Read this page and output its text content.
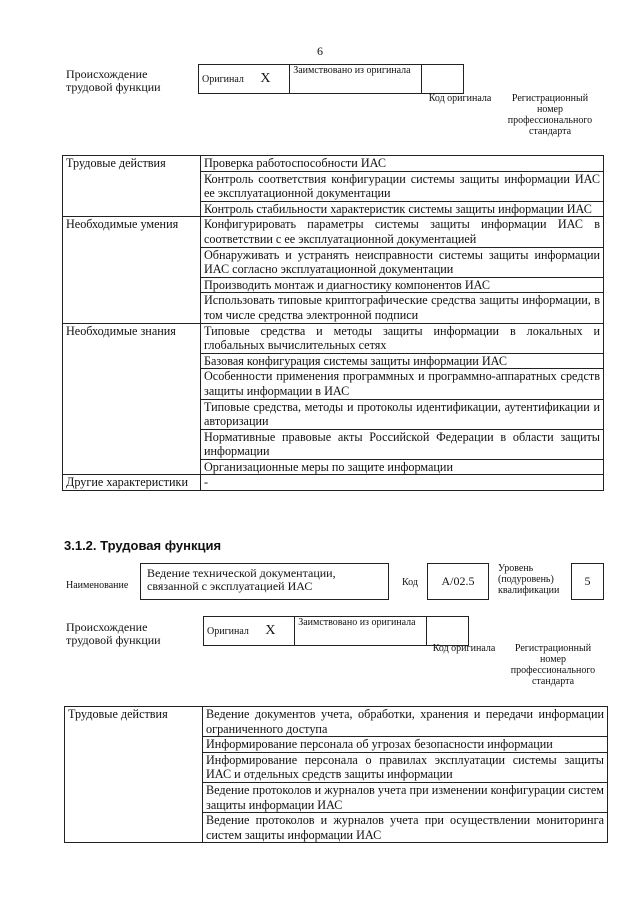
6
Происхождение трудовой функции
Оригинал X	
Заимствовано из оригинала

Код оригинала	Регистрационный номер профессионального стандарта
Трудовые действия	Проверка работоспособности ИАС
	Контроль соответствия конфигурации системы защиты информации ИАС ее эксплуатационной документации
	Контроль стабильности характеристик системы защиты информации ИАС
Необходимые умения	Конфигурировать параметры системы защиты информации ИАС в соответствии с ее эксплуатационной документацией
	Обнаруживать и устранять неисправности системы защиты информации ИАС согласно эксплуатационной документации
	Производить монтаж и диагностику компонентов ИАС
	Использовать типовые криптографические средства защиты информации, в том числе средства электронной подписи
Необходимые знания	Типовые средства и методы защиты информации в локальных и глобальных вычислительных сетях
	Базовая конфигурация системы защиты информации ИАС
	Особенности применения программных и программно-аппаратных средств защиты информации в ИАС
	Типовые средства, методы и протоколы идентификации, аутентификации и авторизации
	Нормативные правовые акты Российской Федерации в области защиты информации
	Организационные меры по защите информации
Другие характеристики	-
3.1.2. Трудовая функция
Наименование
Ведение технической документации, связанной с эксплуатацией ИАС	Код A/02.5
Уровень (подуровень) квалификации
5
Происхождение трудовой функции
Оригинал X	
Заимствовано из оригинала

Код оригинала	Регистрационный номер профессионального стандарта
Трудовые действия	Ведение документов учета, обработки, хранения и передачи информации ограниченного доступа
Информирование персонала об угрозах безопасности информации
Информирование персонала о правилах эксплуатации системы защиты ИАС и отдельных средств защиты информации
Ведение протоколов и журналов учета при изменении конфигурации систем защиты информации ИАС
Ведение протоколов и журналов учета при осуществлении мониторинга систем защиты информации ИАС
